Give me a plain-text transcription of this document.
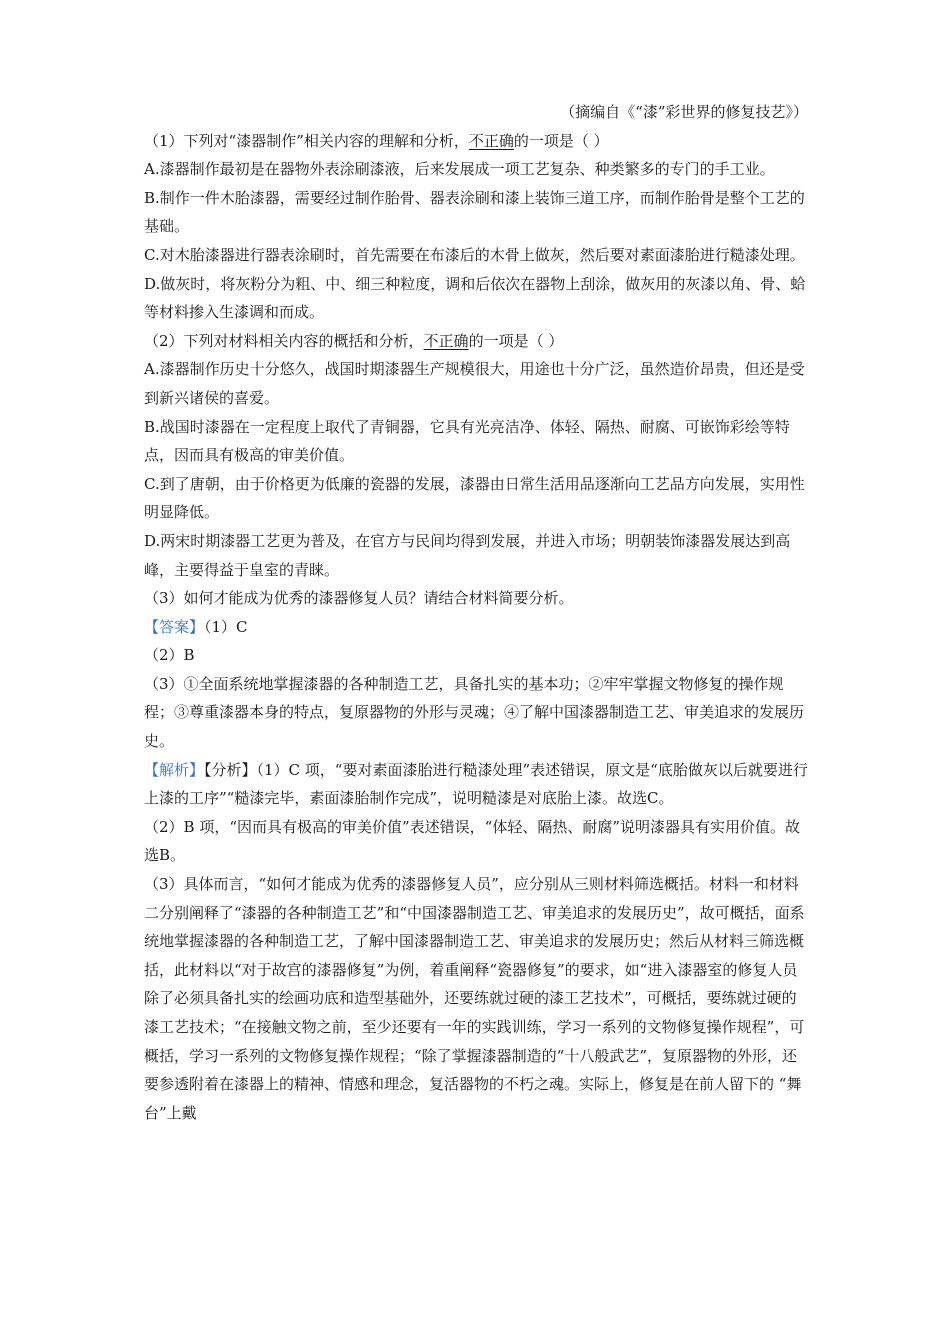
（摘编自《“漆”彩世界的修复技艺》）

（1）下列对“漆器制作”相关内容的理解和分析，不正确的一项是（ ）

A.漆器制作最初是在器物外表涂刷漆液，后来发展成一项工艺复杂、种类繁多的专门的手工业。

B.制作一件木胎漆器，需要经过制作胎骨、器表涂刷和漆上装饰三道工序，而制作胎骨是整个工艺的基础。

C.对木胎漆器进行器表涂刷时，首先需要在布漆后的木骨上做灰，然后要对素面漆胎进行糙漆处理。

D.做灰时，将灰粉分为粗、中、细三种粒度，调和后依次在器物上刮涂，做灰用的灰漆以角、骨、蛤等材料掺入生漆调和而成。

（2）下列对材料相关内容的概括和分析，不正确的一项是（ ）

A.漆器制作历史十分悠久，战国时期漆器生产规模很大，用途也十分广泛，虽然造价昂贵，但还是受到新兴诸侯的喜爱。

B.战国时漆器在一定程度上取代了青铜器，它具有光亮洁净、体轻、隔热、耐腐、可嵌饰彩绘等特点，因而具有极高的审美价值。

C.到了唐朝，由于价格更为低廉的瓷器的发展，漆器由日常生活用品逐渐向工艺品方向发展，实用性明显降低。

D.两宋时期漆器工艺更为普及，在官方与民间均得到发展，并进入市场；明朝装饰漆器发展达到高峰，主要得益于皇室的青睐。

（3）如何才能成为优秀的漆器修复人员？请结合材料简要分析。

【答案】（1）C

（2）B

（3）①全面系统地掌握漆器的各种制造工艺，具备扎实的基本功；②牢牢掌握文物修复的操作规程；③尊重漆器本身的特点，复原器物的外形与灵魂；④了解中国漆器制造工艺、审美追求的发展历史。

【解析】【分析】（1）C 项，“要对素面漆胎进行糙漆处理”表述错误，原文是“底胎做灰以后就要进行上漆的工序”“糙漆完毕，素面漆胎制作完成”，说明糙漆是对底胎上漆。故选C。

（2）B 项，“因而具有极高的审美价值”表述错误，“体轻、隔热、耐腐”说明漆器具有实用价值。故选B。

（3）具体而言，“如何才能成为优秀的漆器修复人员”，应分别从三则材料筛选概括。材料一和材料二分别阐释了“漆器的各种制造工艺”和“中国漆器制造工艺、审美追求的发展历史”，故可概括，面系统地掌握漆器的各种制造工艺，了解中国漆器制造工艺、审美追求的发展历史；然后从材料三筛选概括，此材料以“对于故宫的漆器修复”为例，着重阐释“瓷器修复”的要求，如“进入漆器室的修复人员除了必须具备扎实的绘画功底和造型基础外，还要练就过硬的漆工艺技术”，可概括，要练就过硬的漆工艺技术；“在接触文物之前，至少还要有一年的实践训练，学习一系列的文物修复操作规程”，可概括，学习一系列的文物修复操作规程；“除了掌握漆器制造的“十八般武艺”，复原器物的外形，还要参透附着在漆器上的精神、情感和理念，复活器物的不朽之魂。实际上，修复是在前人留下的 “舞台”上戴
